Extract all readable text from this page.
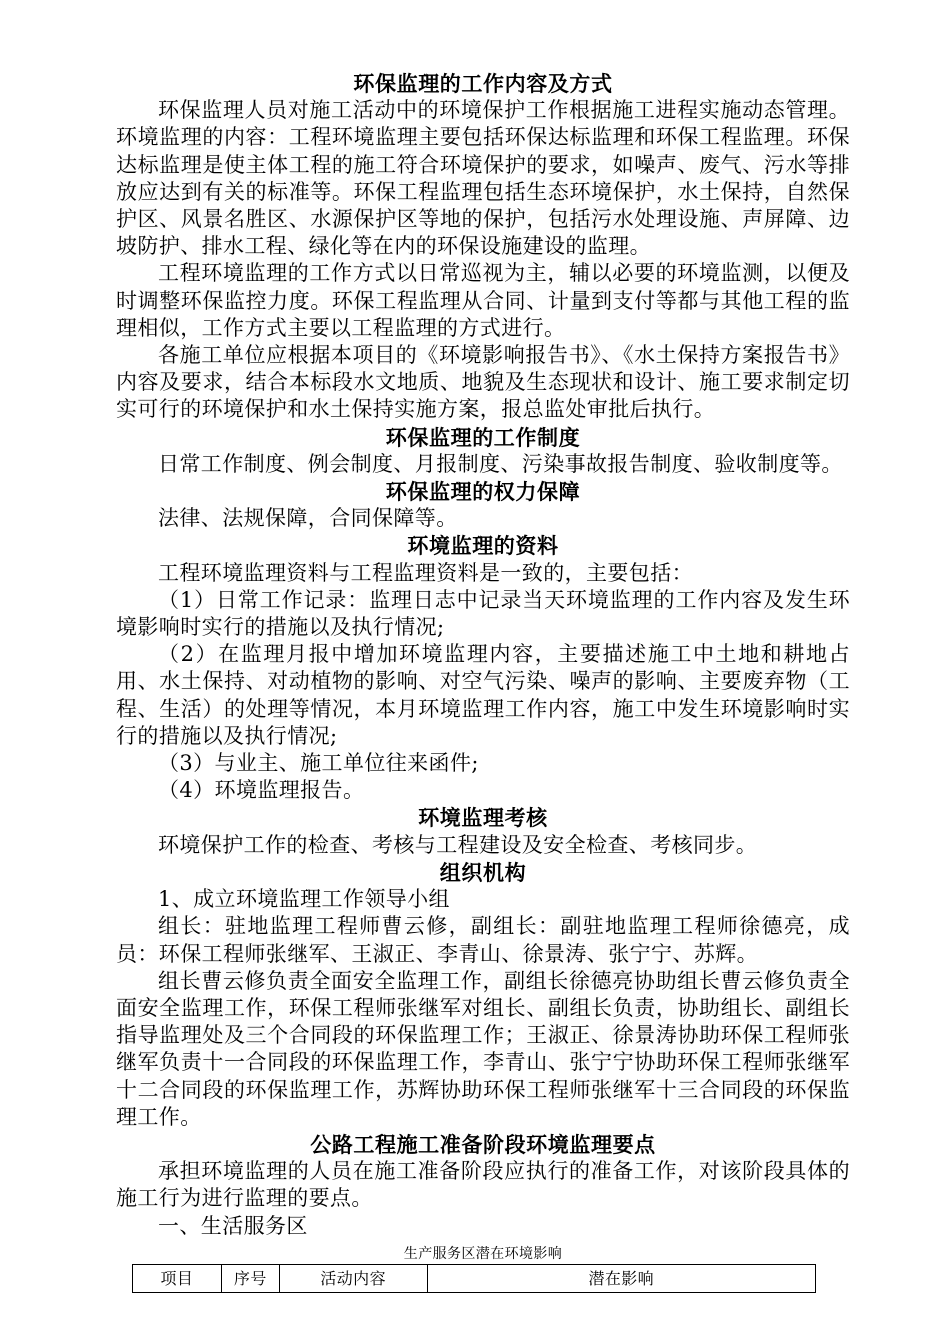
环保监理的工作内容及方式

环保监理人员对施工活动中的环境保护工作根据施工进程实施动态管理。环境监理的内容：工程环境监理主要包括环保达标监理和环保工程监理。环保达标监理是使主体工程的施工符合环境保护的要求，如噪声、废气、污水等排放应达到有关的标准等。环保工程监理包括生态环境保护，水土保持，自然保护区、风景名胜区、水源保护区等地的保护，包括污水处理设施、声屏障、边坡防护、排水工程、绿化等在内的环保设施建设的监理。

工程环境监理的工作方式以日常巡视为主，辅以必要的环境监测，以便及时调整环保监控力度。环保工程监理从合同、计量到支付等都与其他工程的监理相似，工作方式主要以工程监理的方式进行。

各施工单位应根据本项目的《环境影响报告书》、《水土保持方案报告书》内容及要求，结合本标段水文地质、地貌及生态现状和设计、施工要求制定切实可行的环境保护和水土保持实施方案，报总监处审批后执行。

环保监理的工作制度

日常工作制度、例会制度、月报制度、污染事故报告制度、验收制度等。

环保监理的权力保障

法律、法规保障，合同保障等。

环境监理的资料

工程环境监理资料与工程监理资料是一致的，主要包括：

（1）日常工作记录：监理日志中记录当天环境监理的工作内容及发生环境影响时实行的措施以及执行情况;

（2）在监理月报中增加环境监理内容，主要描述施工中土地和耕地占用、水土保持、对动植物的影响、对空气污染、噪声的影响、主要废弃物（工程、生活）的处理等情况，本月环境监理工作内容，施工中发生环境影响时实行的措施以及执行情况;

（3）与业主、施工单位往来函件;

（4）环境监理报告。

环境监理考核

环境保护工作的检查、考核与工程建设及安全检查、考核同步。

组织机构

1、成立环境监理工作领导小组

组长：驻地监理工程师曹云修，副组长：副驻地监理工程师徐德亮，成员：环保工程师张继军、王淑正、李青山、徐景涛、张宁宁、苏辉。

组长曹云修负责全面安全监理工作，副组长徐德亮协助组长曹云修负责全面安全监理工作，环保工程师张继军对组长、副组长负责，协助组长、副组长指导监理处及三个合同段的环保监理工作；王淑正、徐景涛协助环保工程师张继军负责十一合同段的环保监理工作，李青山、张宁宁协助环保工程师张继军十二合同段的环保监理工作，苏辉协助环保工程师张继军十三合同段的环保监理工作。

公路工程施工准备阶段环境监理要点

承担环境监理的人员在施工准备阶段应执行的准备工作，对该阶段具体的施工行为进行监理的要点。

一、生活服务区

生产服务区潜在环境影响
项目	序号	活动内容	潜在影响
